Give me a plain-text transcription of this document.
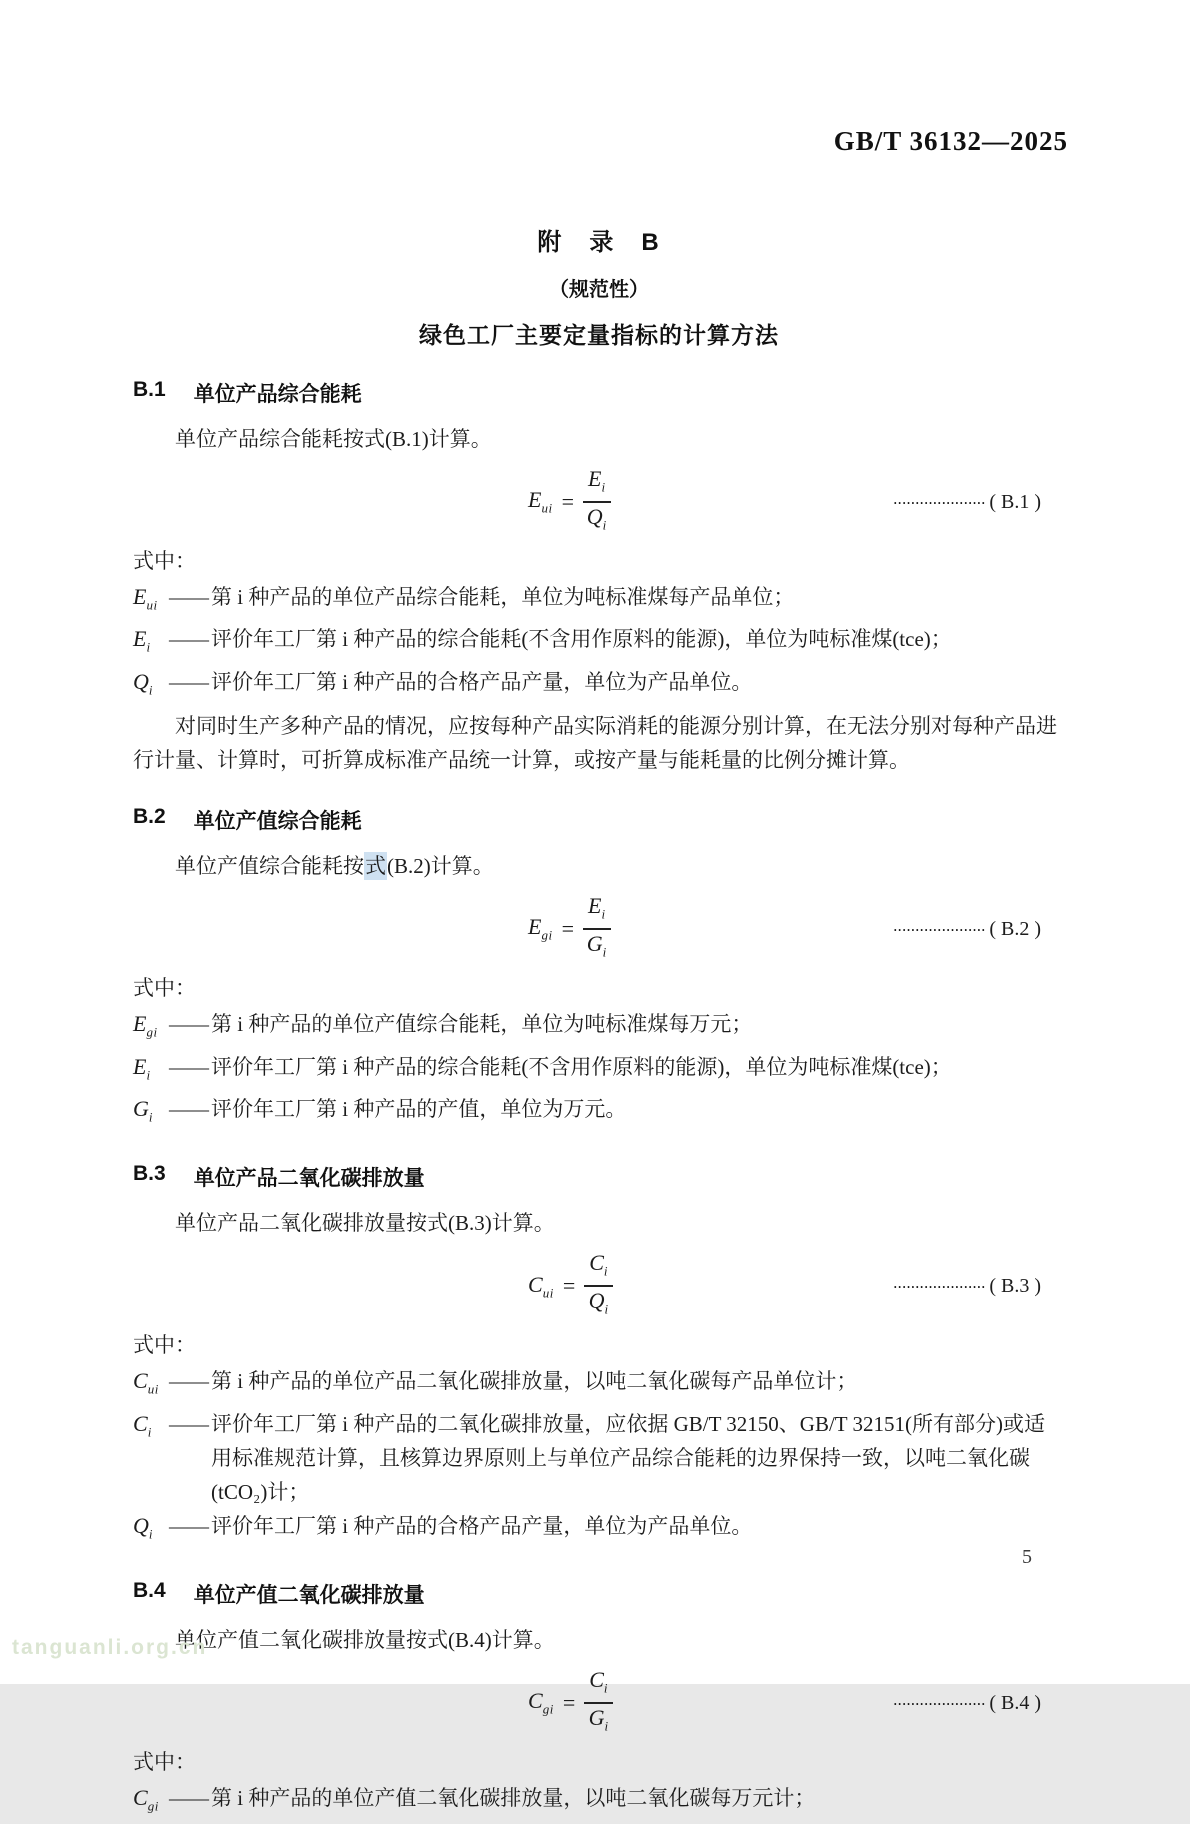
GB/T 36132—2025
附　录　B
（规范性）
绿色工厂主要定量指标的计算方法
B.1 单位产品综合能耗

单位产品综合能耗按式(B.1)计算。

$E_{ui} = \frac{E_i}{Q_i}$	••••••••••••••••••••• ( B.1 )

式中：

$E_{ui}$ —— 第 i 种产品的单位产品综合能耗，单位为吨标准煤每产品单位；
$E_i$ —— 评价年工厂第 i 种产品的综合能耗(不含用作原料的能源)，单位为吨标准煤(tce)；
$Q_i$ —— 评价年工厂第 i 种产品的合格产品产量，单位为产品单位。

对同时生产多种产品的情况，应按每种产品实际消耗的能源分别计算，在无法分别对每种产品进行计量、计算时，可折算成标准产品统一计算，或按产量与能耗量的比例分摊计算。

B.2 单位产值综合能耗

单位产值综合能耗按式(B.2)计算。

$E_{gi} = \frac{E_i}{G_i}$	••••••••••••••••••••• ( B.2 )

式中：

$E_{gi}$ —— 第 i 种产品的单位产值综合能耗，单位为吨标准煤每万元；
$E_i$ —— 评价年工厂第 i 种产品的综合能耗(不含用作原料的能源)，单位为吨标准煤(tce)；
$G_i$ —— 评价年工厂第 i 种产品的产值，单位为万元。
B.3 单位产品二氧化碳排放量

单位产品二氧化碳排放量按式(B.3)计算。

$C_{ui} = \frac{C_i}{Q_i}$	••••••••••••••••••••• ( B.3 )

式中：

$C_{ui}$ —— 第 i 种产品的单位产品二氧化碳排放量，以吨二氧化碳每产品单位计；
$C_i$ —— 评价年工厂第 i 种产品的二氧化碳排放量，应依据 GB/T 32150、GB/T 32151(所有部分)或适用标准规范计算，且核算边界原则上与单位产品综合能耗的边界保持一致，以吨二氧化碳(tCO₂)计；
$Q_i$ —— 评价年工厂第 i 种产品的合格产品产量，单位为产品单位。
B.4 单位产值二氧化碳排放量

单位产值二氧化碳排放量按式(B.4)计算。

$C_{gi} = \frac{C_i}{G_i}$	••••••••••••••••••••• ( B.4 )

式中：

$C_{gi}$ —— 第 i 种产品的单位产值二氧化碳排放量，以吨二氧化碳每万元计；
5
tanguanli.org.cn
